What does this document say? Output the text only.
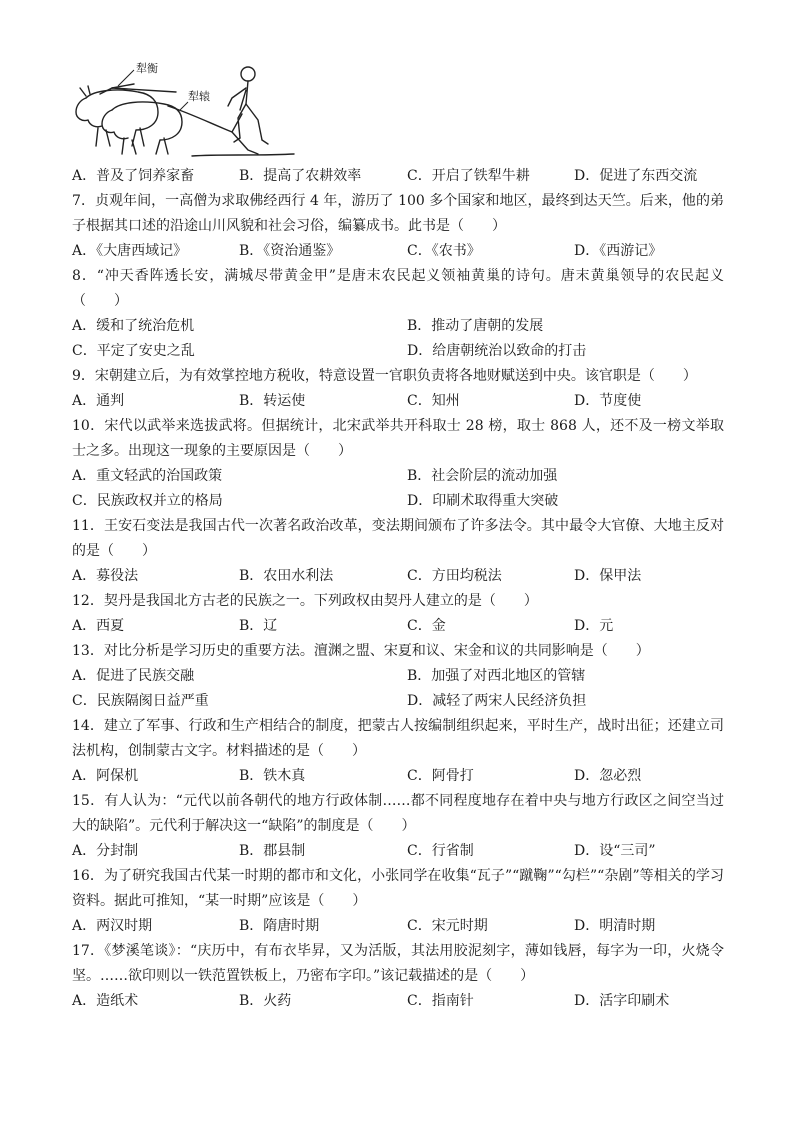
犁衡
犁辕
A．普及了饲养家畜	B．提高了农耕效率	C．开启了铁犁牛耕	D．促进了东西交流
7．贞观年间，一高僧为求取佛经西行 4 年，游历了 100 多个国家和地区，最终到达天竺。后来，他的弟子根据其口述的沿途山川风貌和社会习俗，编纂成书。此书是（　　）
A．《大唐西域记》	B．《资治通鉴》	C．《农书》	D．《西游记》
8．“冲天香阵透长安，满城尽带黄金甲”是唐末农民起义领袖黄巢的诗句。唐末黄巢领导的农民起义（　　）
A．缓和了统治危机	B．推动了唐朝的发展
C．平定了安史之乱	D．给唐朝统治以致命的打击
9．宋朝建立后，为有效掌控地方税收，特意设置一官职负责将各地财赋送到中央。该官职是（　　）
A．通判	B．转运使	C．知州	D．节度使
10．宋代以武举来选拔武将。但据统计，北宋武举共开科取士 28 榜，取士 868 人，还不及一榜文举取士之多。出现这一现象的主要原因是（　　）
A．重文轻武的治国政策	B．社会阶层的流动加强
C．民族政权并立的格局	D．印刷术取得重大突破
11．王安石变法是我国古代一次著名政治改革，变法期间颁布了许多法令。其中最令大官僚、大地主反对的是（　　）
A．募役法	B．农田水利法	C．方田均税法	D．保甲法
12．契丹是我国北方古老的民族之一。下列政权由契丹人建立的是（　　）
A．西夏	B．辽	C．金	D．元
13．对比分析是学习历史的重要方法。澶渊之盟、宋夏和议、宋金和议的共同影响是（　　）
A．促进了民族交融	B．加强了对西北地区的管辖
C．民族隔阂日益严重	D．减轻了两宋人民经济负担
14．建立了军事、行政和生产相结合的制度，把蒙古人按编制组织起来，平时生产，战时出征；还建立司法机构，创制蒙古文字。材料描述的是（　　）
A．阿保机	B．铁木真	C．阿骨打	D．忽必烈
15．有人认为：“元代以前各朝代的地方行政体制……都不同程度地存在着中央与地方行政区之间空当过大的缺陷”。元代利于解决这一“缺陷”的制度是（　　）
A．分封制	B．郡县制	C．行省制	D．设“三司”
16．为了研究我国古代某一时期的都市和文化，小张同学在收集“瓦子”“蹴鞠”“勾栏”“杂剧”等相关的学习资料。据此可推知，“某一时期”应该是（　　）
A．两汉时期	B．隋唐时期	C．宋元时期	D．明清时期
17．《梦溪笔谈》：“庆历中，有布衣毕昇，又为活版，其法用胶泥刻字，薄如钱唇，每字为一印，火烧令坚。……欲印则以一铁范置铁板上，乃密布字印。”该记载描述的是（　　）
A．造纸术	B．火药	C．指南针	D．活字印刷术
